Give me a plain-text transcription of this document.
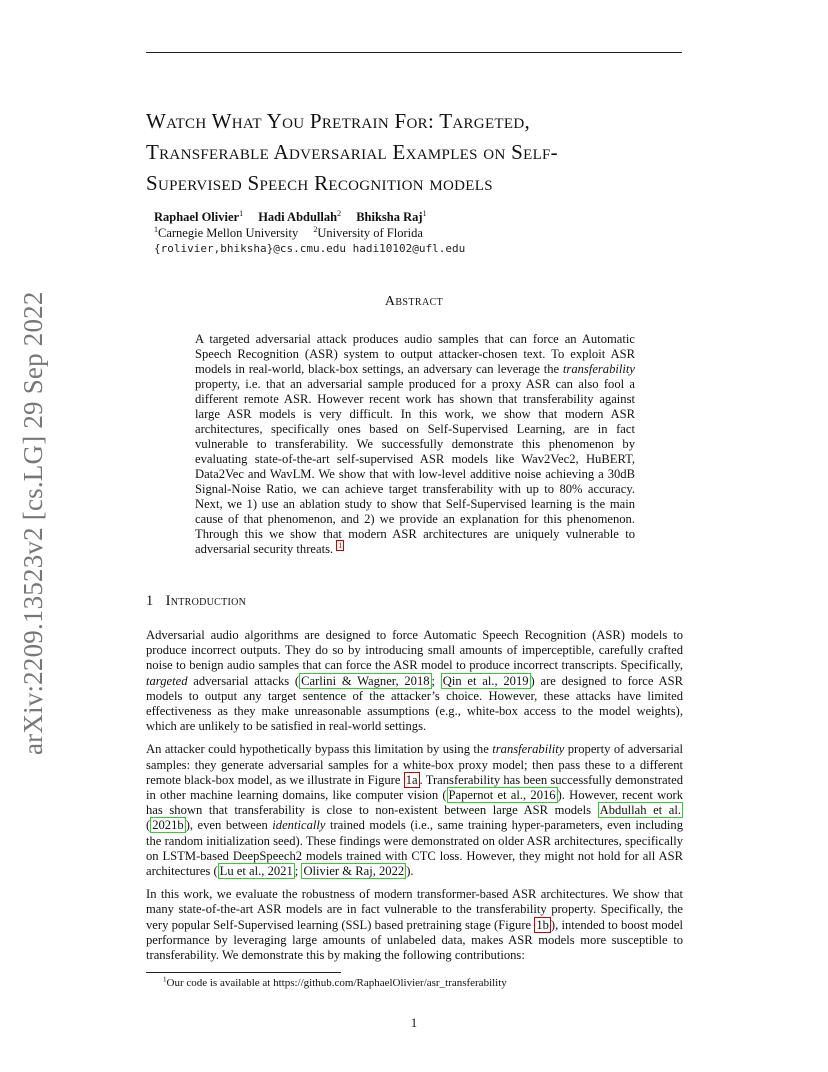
arXiv:2209.13523v2 [cs.LG] 29 Sep 2022
Watch What You Pretrain For: Targeted,
Transferable Adversarial Examples on Self-
Supervised Speech Recognition models
Raphael Olivier$^1$ Hadi Abdullah$^2$ Bhiksha Raj$^1$
$^1$Carnegie Mellon University $^2$University of Florida
{rolivier,bhiksha}@cs.cmu.edu hadi10102@ufl.edu
Abstract
A targeted adversarial attack produces audio samples that can force an Automatic Speech Recognition (ASR) system to output attacker-chosen text. To exploit ASR models in real-world, black-box settings, an adversary can leverage the transferability property, i.e. that an adversarial sample produced for a proxy ASR can also fool a different remote ASR. However recent work has shown that transferability against large ASR models is very difficult. In this work, we show that modern ASR architectures, specifically ones based on Self-Supervised Learning, are in fact vulnerable to transferability. We successfully demonstrate this phenomenon by evaluating state-of-the-art self-supervised ASR models like Wav2Vec2, HuBERT, Data2Vec and WavLM. We show that with low-level additive noise achieving a 30dB Signal-Noise Ratio, we can achieve target transferability with up to 80% accuracy. Next, we 1) use an ablation study to show that Self-Supervised learning is the main cause of that phenomenon, and 2) we provide an explanation for this phenomenon. Through this we show that modern ASR architectures are uniquely vulnerable to adversarial security threats. $^1$
1 Introduction

Adversarial audio algorithms are designed to force Automatic Speech Recognition (ASR) models to produce incorrect outputs. They do so by introducing small amounts of imperceptible, carefully crafted noise to benign audio samples that can force the ASR model to produce incorrect transcripts. Specifically, targeted adversarial attacks ( Carlini & Wagner, 2018 ; Qin et al., 2019 ) are designed to force ASR models to output any target sentence of the attacker’s choice. However, these attacks have limited effectiveness as they make unreasonable assumptions (e.g., white-box access to the model weights), which are unlikely to be satisfied in real-world settings.

An attacker could hypothetically bypass this limitation by using the transferability property of adversarial samples: they generate adversarial samples for a white-box proxy model; then pass these to a different remote black-box model, as we illustrate in Figure 1a . Transferability has been successfully demonstrated in other machine learning domains, like computer vision ( Papernot et al., 2016 ). However, recent work has shown that transferability is close to non-existent between large ASR models Abdullah et al. ( 2021b ), even between identically trained models (i.e., same training hyper-parameters, even including the random initialization seed). These findings were demonstrated on older ASR architectures, specifically on LSTM-based DeepSpeech2 models trained with CTC loss. However, they might not hold for all ASR architectures ( Lu et al., 2021 ; Olivier & Raj, 2022 ).

In this work, we evaluate the robustness of modern transformer-based ASR architectures. We show that many state-of-the-art ASR models are in fact vulnerable to the transferability property. Specifically, the very popular Self-Supervised learning (SSL) based pretraining stage (Figure 1b ), intended to boost model performance by leveraging large amounts of unlabeled data, makes ASR models more susceptible to transferability. We demonstrate this by making the following contributions:

$^1$Our code is available at https://github.com/RaphaelOlivier/asr_transferability
1
